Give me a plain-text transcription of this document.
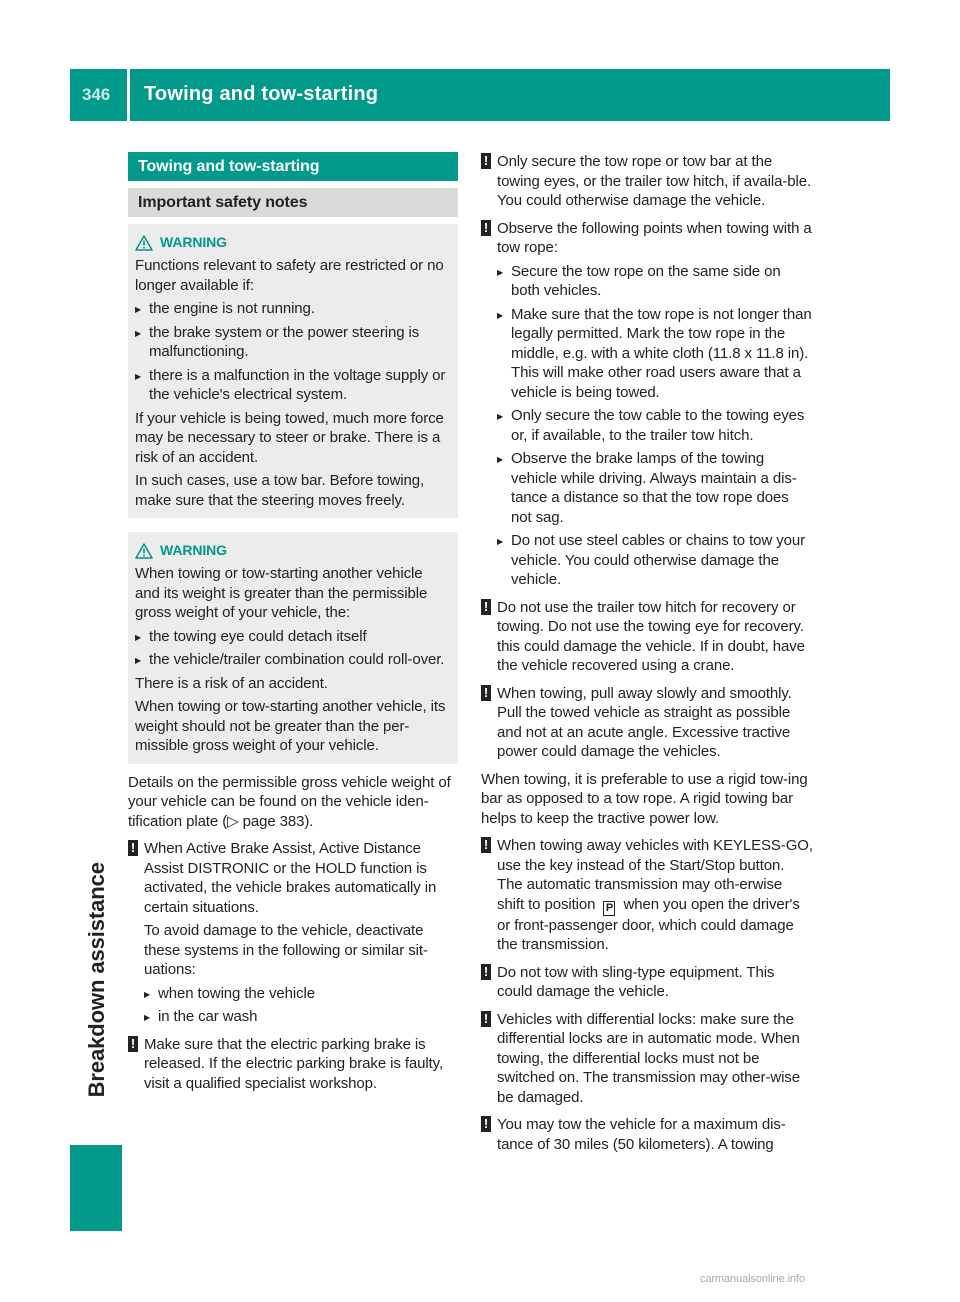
346	Towing and tow-starting
Breakdown assistance
Towing and tow-starting
Important safety notes
WARNING

Functions relevant to safety are restricted or no longer available if:

▶ the engine is not running.
▶ the brake system or the power steering is malfunctioning.
▶ there is a malfunction in the voltage supply or the vehicle's electrical system.

If your vehicle is being towed, much more force may be necessary to steer or brake. There is a risk of an accident.

In such cases, use a tow bar. Before towing, make sure that the steering moves freely.

WARNING

When towing or tow-starting another vehicle and its weight is greater than the permissible gross weight of your vehicle, the:

▶ the towing eye could detach itself
▶ the vehicle/trailer combination could roll-over.

There is a risk of an accident.

When towing or tow-starting another vehicle, its weight should not be greater than the per-missible gross weight of your vehicle.

Details on the permissible gross vehicle weight of your vehicle can be found on the vehicle iden-tification plate (▷ page 383).

! When Active Brake Assist, Active Distance Assist DISTRONIC or the HOLD function is activated, the vehicle brakes automatically in certain situations.

To avoid damage to the vehicle, deactivate these systems in the following or similar sit-uations:

▶ when towing the vehicle
▶ in the car wash
! Make sure that the electric parking brake is released. If the electric parking brake is faulty, visit a qualified specialist workshop.

! Only secure the tow rope or tow bar at the towing eyes, or the trailer tow hitch, if availa-ble. You could otherwise damage the vehicle.

! Observe the following points when towing with a tow rope:

▶ Secure the tow rope on the same side on both vehicles.
▶ Make sure that the tow rope is not longer than legally permitted. Mark the tow rope in the middle, e.g. with a white cloth (11.8 x 11.8 in). This will make other road users aware that a vehicle is being towed.
▶ Only secure the tow cable to the towing eyes or, if available, to the trailer tow hitch.
▶ Observe the brake lamps of the towing vehicle while driving. Always maintain a dis-tance a distance so that the tow rope does not sag.
▶ Do not use steel cables or chains to tow your vehicle. You could otherwise damage the vehicle.
! Do not use the trailer tow hitch for recovery or towing. Do not use the towing eye for recovery. this could damage the vehicle. If in doubt, have the vehicle recovered using a crane.

! When towing, pull away slowly and smoothly. Pull the towed vehicle as straight as possible and not at an acute angle. Excessive tractive power could damage the vehicles.

When towing, it is preferable to use a rigid tow-ing bar as opposed to a tow rope. A rigid towing bar helps to keep the tractive power low.

! When towing away vehicles with KEYLESS-GO, use the key instead of the Start/Stop button. The automatic transmission may oth-erwise shift to position P when you open the driver's or front-passenger door, which could damage the transmission.

! Do not tow with sling-type equipment. This could damage the vehicle.

! Vehicles with differential locks: make sure the differential locks are in automatic mode. When towing, the differential locks must not be switched on. The transmission may other-wise be damaged.

! You may tow the vehicle for a maximum dis-tance of 30 miles (50 kilometers). A towing

carmanualsonline.info
